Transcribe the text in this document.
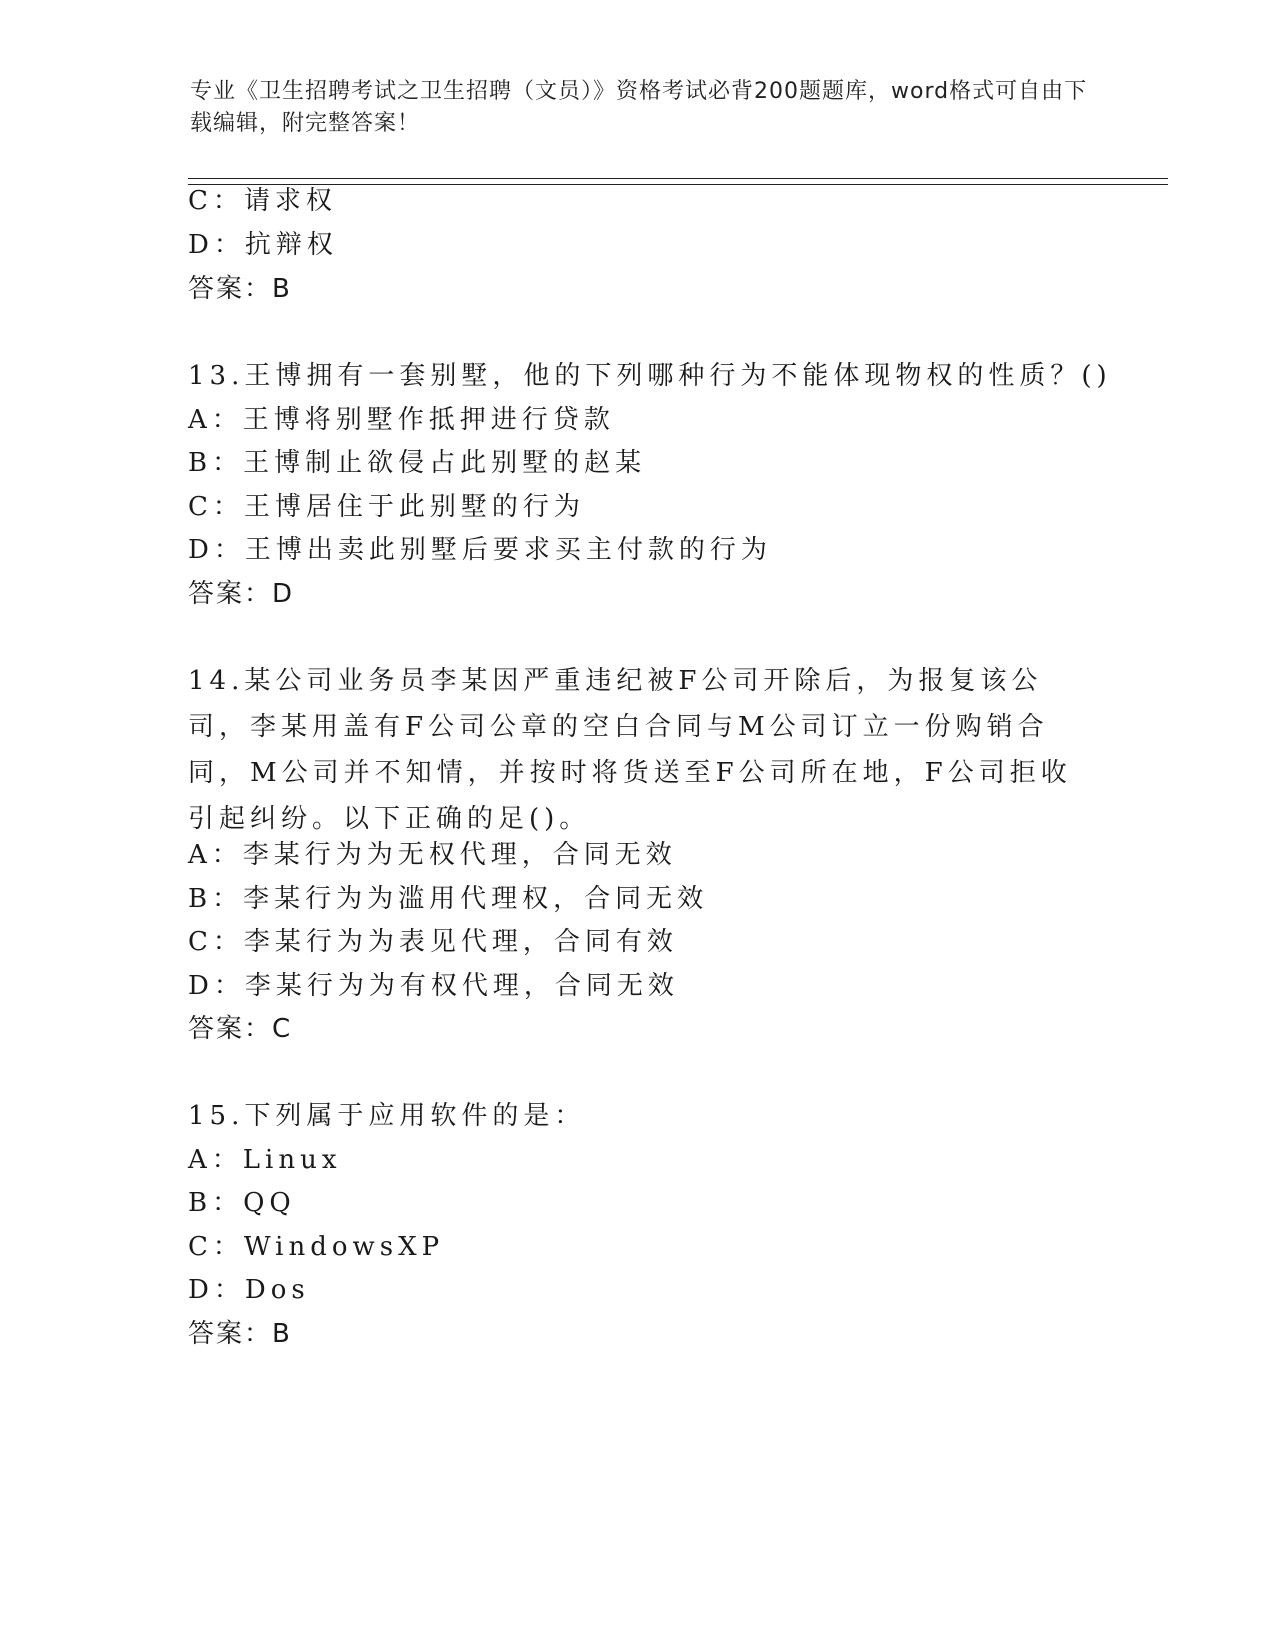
专业《卫生招聘考试之卫生招聘（文员）》资格考试必背200题题库，word格式可自由下载编辑，附完整答案！
C：请求权
D：抗辩权
答案：B
13.王博拥有一套别墅，他的下列哪种行为不能体现物权的性质？()
A：王博将别墅作抵押进行贷款
B：王博制止欲侵占此别墅的赵某
C：王博居住于此别墅的行为
D：王博出卖此别墅后要求买主付款的行为
答案：D
14.某公司业务员李某因严重违纪被F公司开除后，为报复该公司，李某用盖有F公司公章的空白合同与M公司订立一份购销合同，M公司并不知情，并按时将货送至F公司所在地，F公司拒收引起纠纷。以下正确的足()。
A：李某行为为无权代理，合同无效
B：李某行为为滥用代理权，合同无效
C：李某行为为表见代理，合同有效
D：李某行为为有权代理，合同无效
答案：C
15.下列属于应用软件的是：
A：Linux
B：QQ
C：WindowsXP
D：Dos
答案：B
